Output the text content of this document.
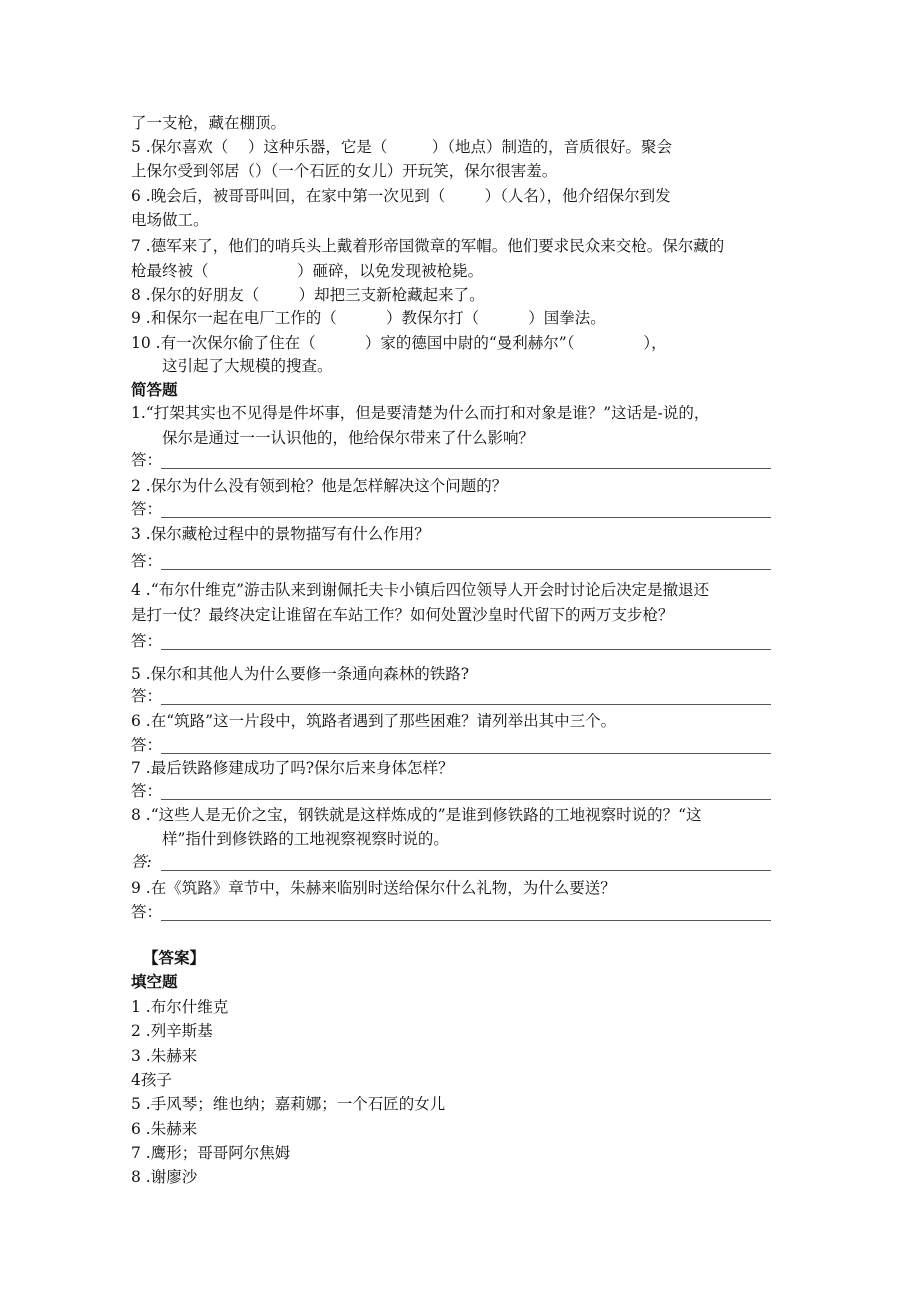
了一支枪，藏在棚顶。
5 .保尔喜欢（    ）这种乐器，它是（         ）（地点）制造的，音质很好。聚会
上保尔受到邻居（）（一个石匠的女儿）开玩笑，保尔很害羞。
6 .晚会后，被哥哥叫回，在家中第一次见到（        ）（人名），他介绍保尔到发
电场做工。
7 .德军来了，他们的哨兵头上戴着形帝国微章的军帽。他们要求民众来交枪。保尔藏的
枪最终被（                  ）砸碎，以免发现被枪毙。
8 .保尔的好朋友（        ）却把三支新枪藏起来了。
9 .和保尔一起在电厂工作的（          ）教保尔打（          ）国拳法。
10 .有一次保尔偷了住在（          ）家的德国中尉的“曼利赫尔”（              ），
这引起了大规模的搜查。
简答题
1.“打架其实也不见得是件坏事，但是要清楚为什么而打和对象是谁？”这话是-说的，
保尔是通过一一认识他的，他给保尔带来了什么影响？
答：
2 .保尔为什么没有领到枪？他是怎样解决这个问题的？
答：
3 .保尔藏枪过程中的景物描写有什么作用？
答：
4 .“布尔什维克”游击队来到谢佩托夫卡小镇后四位领导人开会时讨论后决定是撤退还
是打一仗？最终决定让谁留在车站工作？如何处置沙皇时代留下的两万支步枪？
答：
5 .保尔和其他人为什么要修一条通向森林的铁路?
答：
6 .在“筑路”这一片段中，筑路者遇到了那些困难？请列举出其中三个。
答：
7 .最后铁路修建成功了吗?保尔后来身体怎样？
答：
8 .“这些人是无价之宝，钢铁就是这样炼成的”是谁到修铁路的工地视察时说的？“这
样”指什到修铁路的工地视察视察时说的。
答:
9 .在《筑路》章节中，朱赫来临别时送给保尔什么礼物，为什么要送？
答：
【答案】
填空题
1 .布尔什维克
2 .列辛斯基
3 .朱赫来
4孩子
5 .手风琴；维也纳；嘉莉娜；一个石匠的女儿
6 .朱赫来
7 .鹰形；哥哥阿尔焦姆
8 .谢廖沙
